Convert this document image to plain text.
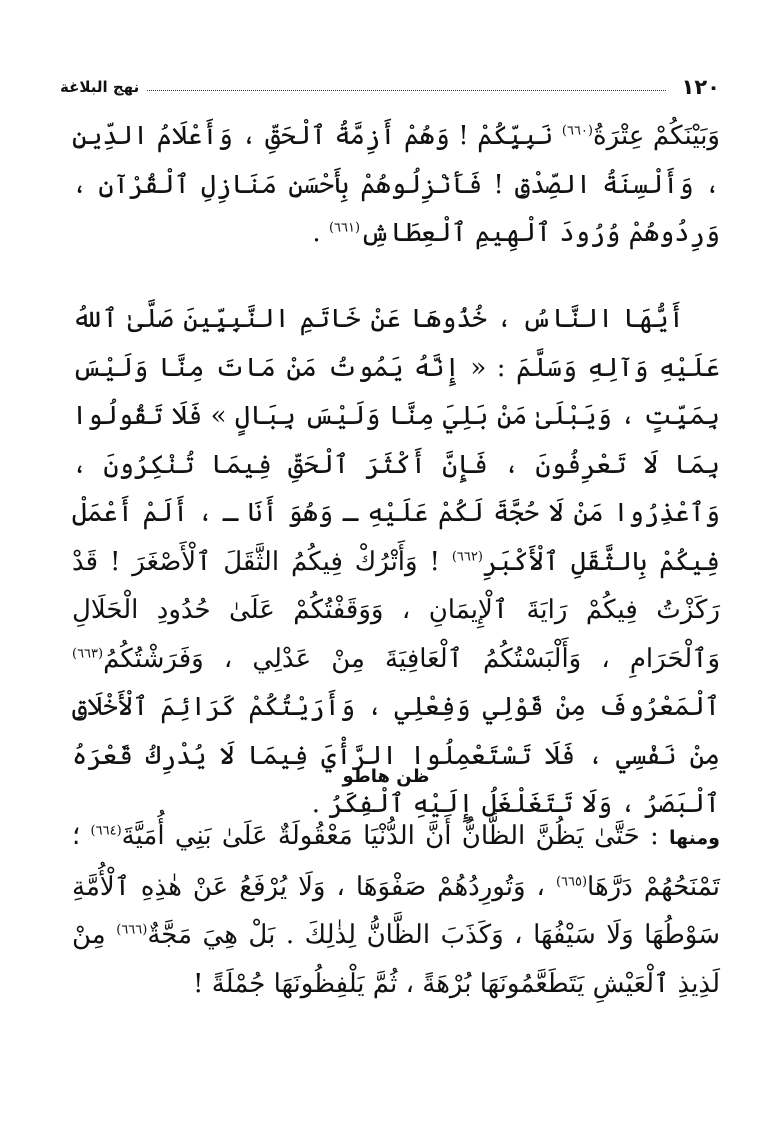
١٢٠
نهج البلاغة

وَبَيْنَكُمْ عِتْرَةُ$^{(٦٦٠)}$ نَبِيِّكُمْ ! وَهُمْ أَزِمَّةُ ٱلْحَقِّ ، وَأَعْلَامُ الدِّينِ ، وَأَلْسِنَةُ الصِّدْقِ ! فَأَنْزِلُوهُمْ بِأَحْسَنِ مَنَازِلِ ٱلْقُرْآنِ ، وَرِدُوهُمْ وُرُودَ ٱلْهِيمِ ٱلْعِطَاشِ$^{(٦٦١)}$ .

أَيُّهَا النَّاسُ ، خُذُوهَا عَنْ خَاتَمِ النَّبِيِّينَ صَلَّىٰ ٱللهُ عَلَيْهِ وَآلِهِ وَسَلَّمَ : « إِنَّهُ يَمُوتُ مَنْ مَاتَ مِنَّا وَلَيْسَ بِمَيِّتٍ ، وَيَبْلَىٰ مَنْ بَلِيَ مِنَّا وَلَيْسَ بِبَالٍ » فَلَا تَقُولُوا بِمَا لَا تَعْرِفُونَ ، فَإِنَّ أَكْثَرَ ٱلْحَقِّ فِيمَا تُنْكِرُونَ ، وَٱعْذِرُوا مَنْ لَا حُجَّةَ لَكُمْ عَلَيْهِ ـ وَهُوَ أَنَا ـ ، أَلَمْ أَعْمَلْ فِيكُمْ بِالثَّقَلِ ٱلْأَكْبَرِ$^{(٦٦٢)}$ ! وَأَتْرُكْ فِيكُمُ الثَّقَلَ ٱلْأَصْغَرَ ! قَدْ رَكَزْتُ فِيكُمْ رَايَةَ ٱلْإِيمَانِ ، وَوَقَفْتُكُمْ عَلَىٰ حُدُودِ الْحَلَالِ وَٱلْحَرَامِ ، وَأَلْبَسْتُكُمُ ٱلْعَافِيَةَ مِنْ عَدْلِي ، وَفَرَشْتُكُمُ$^{(٦٦٣)}$ ٱلْمَعْرُوفَ مِنْ قَوْلِي وَفِعْلِي ، وَأَرَيْتُكُمْ كَرَائِمَ ٱلْأَخْلَاقِ مِنْ نَفْسِي ، فَلَا تَسْتَعْمِلُوا الرَّأْيَ فِيمَا لَا يُدْرِكُ قَعْرَهُ ٱلْبَصَرُ ، وَلَا تَتَغَلْغَلُ إِلَيْهِ ٱلْفِكَرُ .

ظن هاطو

ومنها : حَتَّىٰ يَظُنَّ الظَّانُّ أَنَّ الدُّنْيَا مَعْقُولَةٌ عَلَىٰ بَنِي أُمَيَّةَ$^{(٦٦٤)}$ ؛ تَمْنَحُهُمْ دَرَّهَا$^{(٦٦٥)}$ ، وَتُورِدُهُمْ صَفْوَهَا ، وَلَا يُرْفَعُ عَنْ هٰذِهِ ٱلْأُمَّةِ سَوْطُهَا وَلَا سَيْفُهَا ، وَكَذَبَ الظَّانُّ لِذٰلِكَ . بَلْ هِيَ مَجَّةٌ$^{(٦٦٦)}$ مِنْ لَذِيذِ ٱلْعَيْشِ يَتَطَعَّمُونَهَا بُرْهَةً ، ثُمَّ يَلْفِظُونَهَا جُمْلَةً !
